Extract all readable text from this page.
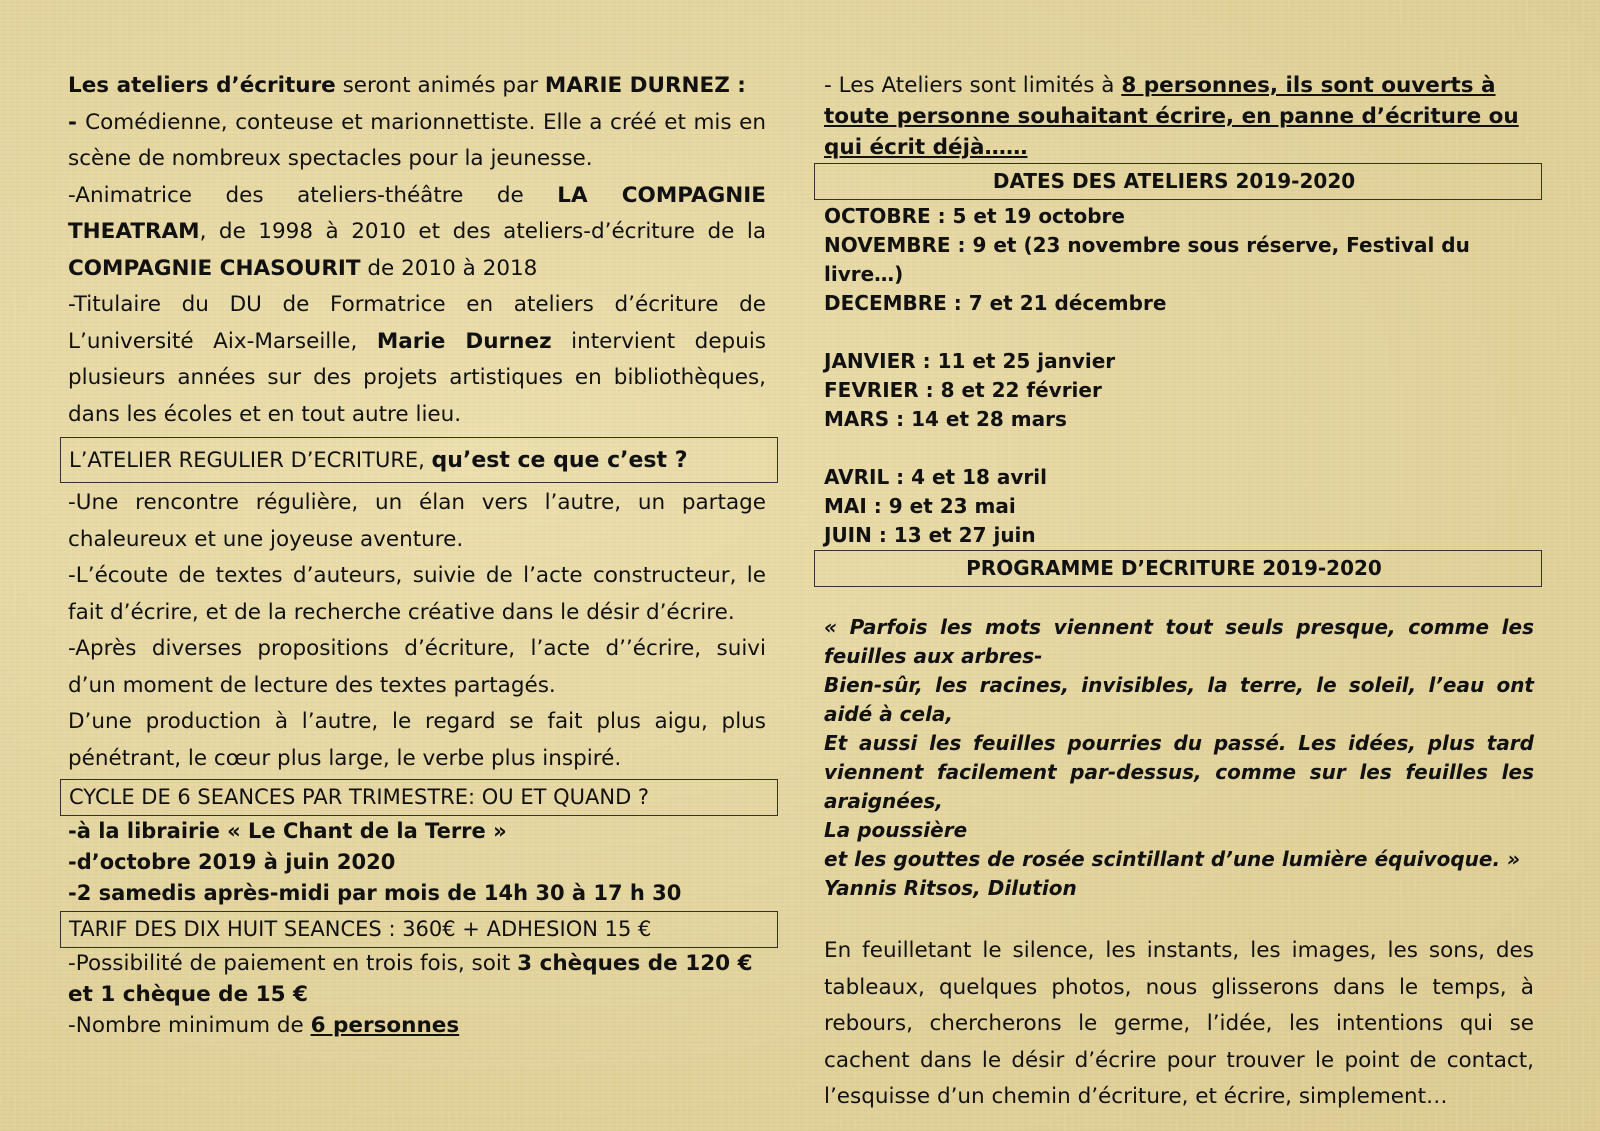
Les ateliers d’écriture seront animés par MARIE DURNEZ :
- Comédienne, conteuse et marionnettiste. Elle a créé et mis en scène de nombreux spectacles pour la jeunesse.

-Animatrice des ateliers-théâtre de LA COMPAGNIE THEATRAM, de 1998 à 2010 et des ateliers-d’écriture de la COMPAGNIE CHASOURIT de 2010 à 2018

-Titulaire du DU de Formatrice en ateliers d’écriture de L’université Aix-Marseille, Marie Durnez intervient depuis plusieurs années sur des projets artistiques en bibliothèques, dans les écoles et en tout autre lieu.

L’ATELIER REGULIER D’ECRITURE, qu’est ce que c’est ?

-Une rencontre régulière, un élan vers l’autre, un partage chaleureux et une joyeuse aventure.

-L’écoute de textes d’auteurs, suivie de l’acte constructeur, le fait d’écrire, et de la recherche créative dans le désir d’écrire.

-Après diverses propositions d’écriture, l’acte d’’écrire, suivi d’un moment de lecture des textes partagés.

D’une production à l’autre, le regard se fait plus aigu, plus pénétrant, le cœur plus large, le verbe plus inspiré.

CYCLE DE 6 SEANCES PAR TRIMESTRE: OU ET QUAND ?
-à la librairie « Le Chant de la Terre »
-d’octobre 2019 à juin 2020
-2 samedis après-midi par mois de 14h 30 à 17 h 30
TARIF DES DIX HUIT SEANCES : 360€ + ADHESION 15 €

-Possibilité de paiement en trois fois, soit 3 chèques de 120 € et 1 chèque de 15 €

-Nombre minimum de 6 personnes

- Les Ateliers sont limités à 8 personnes, ils sont ouverts à toute personne souhaitant écrire, en panne d’écriture ou qui écrit déjà……

DATES DES ATELIERS 2019-2020
OCTOBRE : 5 et 19 octobre
NOVEMBRE : 9 et (23 novembre sous réserve, Festival du livre…)
DECEMBRE : 7 et 21 décembre
JANVIER : 11 et 25 janvier
FEVRIER : 8 et 22 février
MARS : 14 et 28 mars
AVRIL : 4 et 18 avril
MAI : 9 et 23 mai
JUIN : 13 et 27 juin
PROGRAMME D’ECRITURE 2019-2020

« Parfois les mots viennent tout seuls presque, comme les feuilles aux arbres-

Bien-sûr, les racines, invisibles, la terre, le soleil, l’eau ont aidé à cela,

Et aussi les feuilles pourries du passé. Les idées, plus tard viennent facilement par-dessus, comme sur les feuilles les araignées,

La poussière

et les gouttes de rosée scintillant d’une lumière équivoque. »

Yannis Ritsos, Dilution

En feuilletant le silence, les instants, les images, les sons, des tableaux, quelques photos, nous glisserons dans le temps, à rebours, chercherons le germe, l’idée, les intentions qui se cachent dans le désir d’écrire pour trouver le point de contact, l’esquisse d’un chemin d’écriture, et écrire, simplement…
